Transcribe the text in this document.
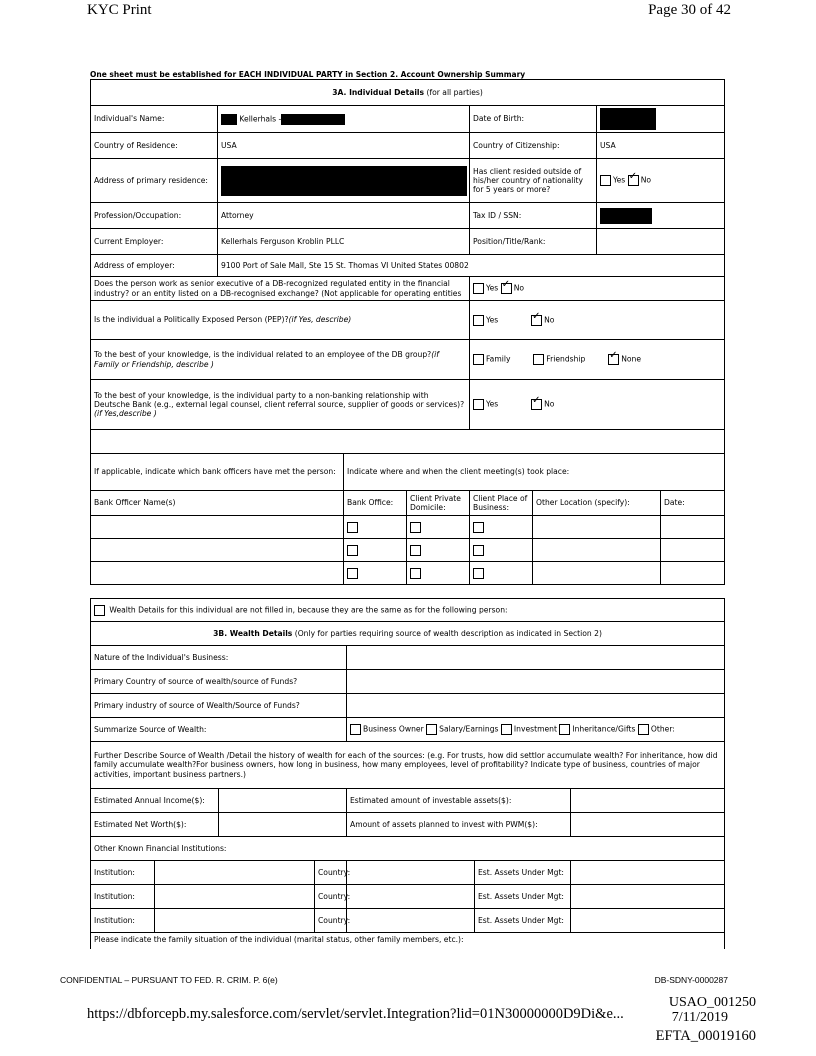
KYC Print	Page 30 of 42
One sheet must be established for EACH INDIVIDUAL PARTY in Section 2. Account Ownership Summary
3A. Individual Details (for all parties)							
Individual's Name:	Kellerhals -			Date of Birth:			
Country of Residence:	USA			Country of Citizenship:		USA	
Address of primary residence:				Has client resided outside of his/her country of nationality for 5 years or more?		Yes ✓ No
Profession/Occupation:	Attorney			Tax ID / SSN:			
Current Employer:	Kellerhals Ferguson Kroblin PLLC			Position/Title/Rank:			
Address of employer:	9100 Port of Sale Mall, Ste 15 St. Thomas VI United States 00802						
Does the person work as senior executive of a DB-recognized regulated entity in the financial industry? or an entity listed on a DB-recognised exchange? (Not applicable for operating entities				Yes ✓ No
Is the individual a Politically Exposed Person (PEP)?(if Yes, describe)				Yes ✓ No
To the best of your knowledge, is the individual related to an employee of the DB group?(if Family or Friendship, describe )				Family Friendship ✓ None
To the best of your knowledge, is the individual party to a non-banking relationship with Deutsche Bank (e.g., external legal counsel, client referral source, supplier of goods or services)?(if Yes,describe )				Yes ✓ No

If applicable, indicate which bank officers have met the person:		Indicate where and when the client meeting(s) took place:					
Bank Officer Name(s)		Bank Office:	Client Private Domicile:	Client Place of Business:	Other Location (specify):		Date:

Wealth Details for this individual are not filled in, because they are the same as for the following person:						
3B. Wealth Details (Only for parties requiring source of wealth description as indicated in Section 2)						
Nature of the Individual's Business:						
Primary Country of source of wealth/source of Funds?						
Primary industry of source of Wealth/Source of Funds?						
Summarize Source of Wealth:				Business Owner Salary/Earnings Investment Inheritance/Gifts Other:		
Further Describe Source of Wealth /Detail the history of wealth for each of the sources: (e.g. For trusts, how did settlor accumulate wealth? For inheritance, how did family accumulate wealth?For business owners, how long in business, how many employees, level of profitability? Indicate type of business, countries of major activities, important business partners.)						
Estimated Annual Income($):				Estimated amount of investable assets($):		
Estimated Net Worth($):				Amount of assets planned to invest with PWM($):		
Other Known Financial Institutions:						
Institution:			Country:		Est. Assets Under Mgt:	
Institution:			Country:		Est. Assets Under Mgt:	
Institution:			Country:		Est. Assets Under Mgt:	
Please indicate the family situation of the individual (marital status, other family members, etc.):						
CONFIDENTIAL – PURSUANT TO FED. R. CRIM. P. 6(e)	DB-SDNY-0000287
USAO_001250
https://dbforcepb.my.salesforce.com/servlet/servlet.Integration?lid=01N30000000D9Di&e...	7/11/2019
EFTA_00019160
